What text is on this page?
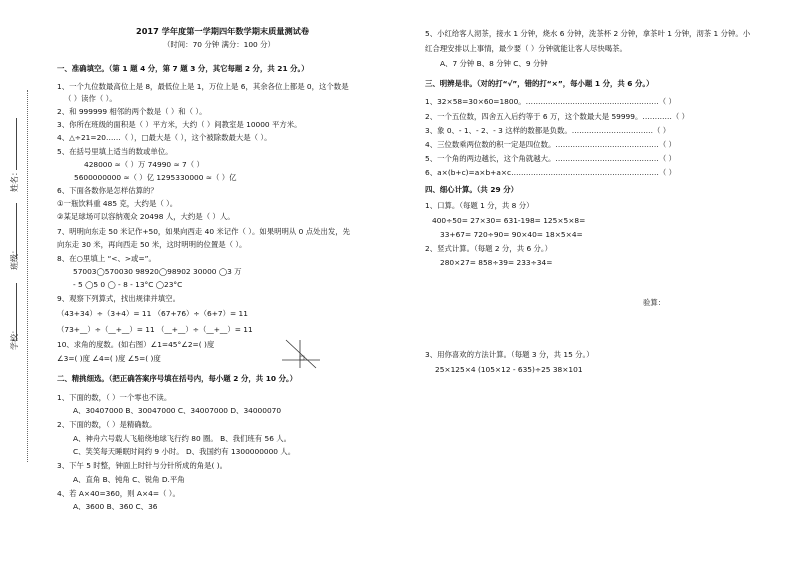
姓名：
班级：
学校：
2017 学年度第一学期四年数学期末质量测试卷
（时间：70 分钟 满分：100 分）
一、准确填空。（第 1 题 4 分，第 7 题 3 分，其它每题 2 分，共 21 分。）
1、一个九位数最高位上是 8，最低位上是 1，万位上是 6，其余各位上都是 0，这个数是
（ ）读作（ ）。
2、和 999999 相邻的两个数是（ ）和（ ）。
3、你所在班级的面积是（ ）平方米，大约（ ）间教室是 10000 平方米。
4、△÷21=20……（ ），□最大是（ ），这个被除数最大是（ ）。
5、在括号里填上适当的数或单位。
428000 ≈（ ）万 74990 ≈ 7（ ）
5600000000 ≈（ ）亿 1295330000 ≈（ ）亿
6、下面各数你是怎样估算的？
①一瓶饮料重 485 克，大约是（ ）。
②某足球场可以容纳观众 20498 人，大约是（ ）人。
7、明明向东走 50 米记作+50，如果向西走 40 米记作（ ）。如果明明从 0 点处出发，先
向东走 30 米，再向西走 50 米，这时明明的位置是（ ）。
8、在○里填上 “<、>或=”。
57003◯570030 98920◯98902 30000 ◯3 万
- 5 ◯5 0 ◯ - 8 - 13°C ◯23°C
9、观察下列算式，找出规律并填空。
（43+34）÷（3+4）= 11 （67+76）÷（6+7）= 11
（73+__）÷（__+__）= 11 （__+__）÷（__+__）= 11
10、求角的度数。(如右图）∠1=45°∠2=( )度
∠3=( )度 ∠4=( )度 ∠5=( )度
二、精挑细选。（把正确答案序号填在括号内，每小题 2 分，共 10 分。）
1、下面的数，（ ）一个零也不读。
A、30407000 B、30047000 C、34007000 D、34000070
2、下面的数，（ ）是精确数。
A、神舟六号载人飞船绕地球飞行约 80 圈。 B、我们班有 56 人。
C、笑笑每天睡眠时间约 9 小时。 D、我国约有 1300000000 人。
3、下午 5 时整，钟面上时针与分针所成的角是( )。
A、直角 B、钝角 C、锐角 D.平角
4、若 A×40=360，则 A×4=（ ）。
A、3600 B、360 C、36
5、小红给客人沏茶，接水 1 分钟，烧水 6 分钟，洗茶杯 2 分钟，拿茶叶 1 分钟，沏茶 1 分钟。小
红合理安排以上事情，最少要（ ）分钟就能让客人尽快喝茶。
A、7 分钟 B、8 分钟 C、9 分钟
三、明辨是非。（对的打“√”，错的打“×”，每小题 1 分，共 6 分。）
1、32×58=30×60=1800。………………………………………………（ ）
2、一个五位数，四舍五入后约等于 6 万，这个数最大是 59999。…………（ ）
3、象 0、- 1、- 2、- 3 这样的数都是负数。……………………………（ ）
4、三位数乘两位数的积一定是四位数。……………………………………（ ）
5、一个角的两边越长，这个角就越大。……………………………………（ ）
6、a×(b+c)=a×b+a×c……………………………………………………（ ）
四、细心计算。（共 29 分）
1、口算。（每题 1 分，共 8 分）
400÷50= 27×30= 631-198= 125×5×8=
33+67= 720÷90= 90×40= 18×5×4=
2、竖式计算。（每题 2 分，共 6 分。）
280×27= 858÷39= 233÷34=
验算：
3、用你喜欢的方法计算。（每题 3 分，共 15 分。）
25×125×4 (105×12 - 635)÷25 38×101
